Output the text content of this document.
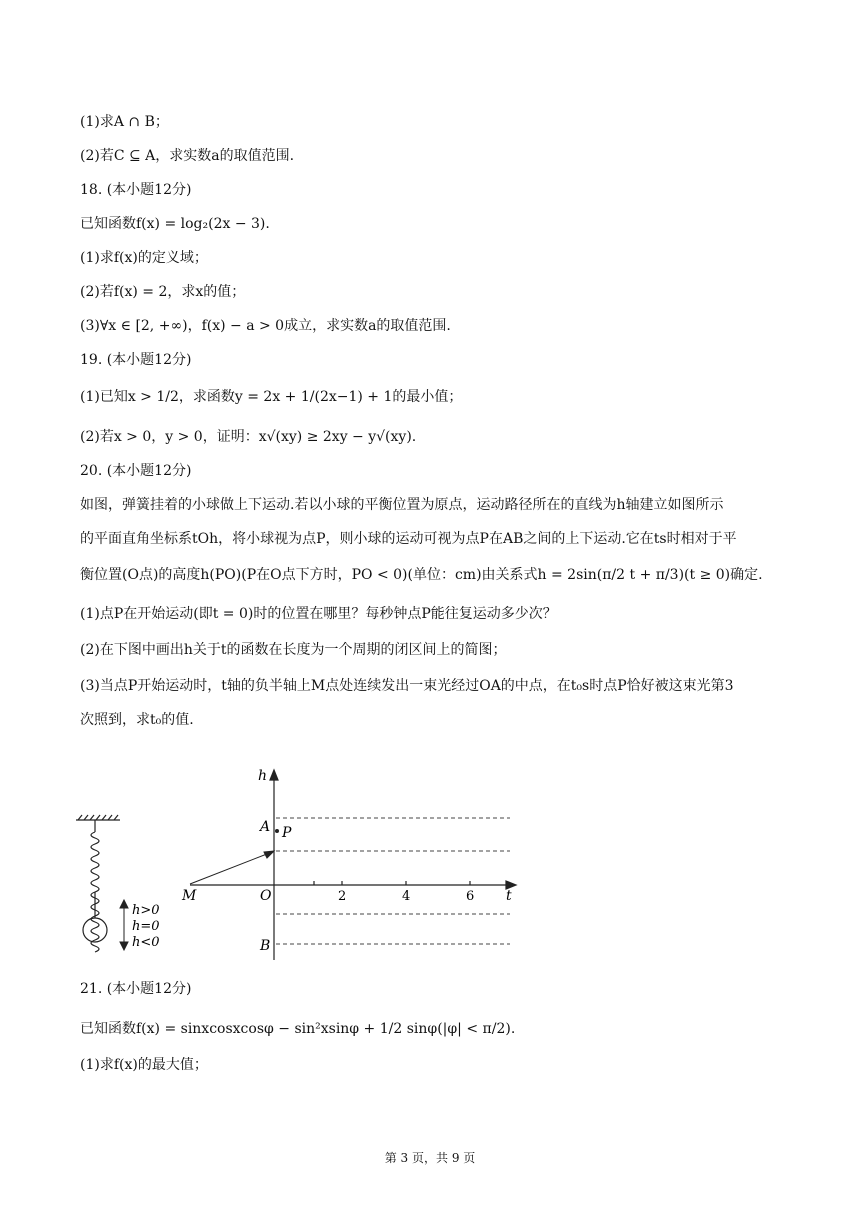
(1)求A ∩ B；
(2)若C ⊆ A，求实数a的取值范围.
18. (本小题12分)
已知函数f(x) = log₂(2x − 3).
(1)求f(x)的定义域；
(2)若f(x) = 2，求x的值；
(3)∀x ∈ [2, +∞)，f(x) − a > 0成立，求实数a的取值范围.
19. (本小题12分)
(1)已知x > 1/2，求函数y = 2x + 1/(2x−1) + 1的最小值；
(2)若x > 0，y > 0，证明：x√(xy) ≥ 2xy − y√(xy).
20. (本小题12分)
如图，弹簧挂着的小球做上下运动.若以小球的平衡位置为原点，运动路径所在的直线为h轴建立如图所示
的平面直角坐标系tOh，将小球视为点P，则小球的运动可视为点P在AB之间的上下运动.它在ts时相对于平
衡位置(O点)的高度h(PO)(P在O点下方时，PO < 0)(单位：cm)由关系式h = 2sin(π/2 t + π/3)(t ≥ 0)确定.
(1)点P在开始运动(即t = 0)时的位置在哪里？每秒钟点P能往复运动多少次？
(2)在下图中画出h关于t的函数在长度为一个周期的闭区间上的简图；
(3)当点P开始运动时，t轴的负半轴上M点处连续发出一束光经过OA的中点，在t₀s时点P恰好被这束光第3
次照到，求t₀的值.
h>0
h=0
h<0
h
t
O
A P
B
M	2	4	6
21. (本小题12分)
已知函数f(x) = sinxcosxcosφ − sin²xsinφ + 1/2 sinφ(|φ| < π/2).
(1)求f(x)的最大值；
第 3 页，共 9 页
